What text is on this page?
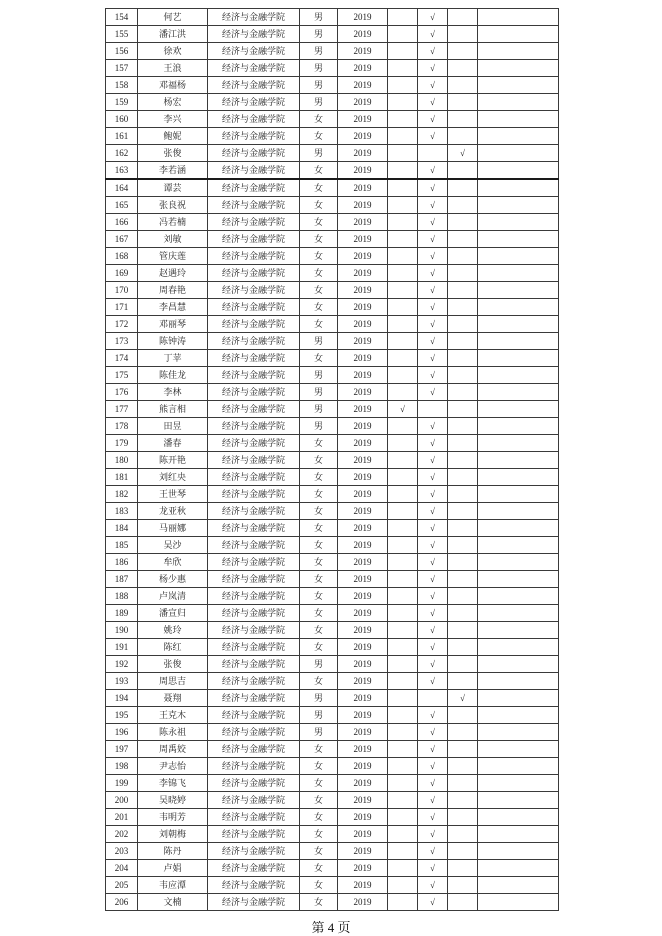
154	何艺	经济与金融学院	男	2019		√		
155	潘江洪	经济与金融学院	男	2019		√		
156	徐欢	经济与金融学院	男	2019		√		
157	王浪	经济与金融学院	男	2019		√		
158	邓福杨	经济与金融学院	男	2019		√		
159	杨宏	经济与金融学院	男	2019		√		
160	李兴	经济与金融学院	女	2019		√		
161	鲍妮	经济与金融学院	女	2019		√		
162	张俊	经济与金融学院	男	2019			√	
163	李若涵	经济与金融学院	女	2019		√		
164	谭芸	经济与金融学院	女	2019		√		
165	张良祝	经济与金融学院	女	2019		√		
166	冯若楠	经济与金融学院	女	2019		√		
167	刘敏	经济与金融学院	女	2019		√		
168	管庆莲	经济与金融学院	女	2019		√		
169	赵遇玲	经济与金融学院	女	2019		√		
170	周春艳	经济与金融学院	女	2019		√		
171	李昌慧	经济与金融学院	女	2019		√		
172	邓丽琴	经济与金融学院	女	2019		√		
173	陈钟涛	经济与金融学院	男	2019		√		
174	丁苹	经济与金融学院	女	2019		√		
175	陈佳龙	经济与金融学院	男	2019		√		
176	李林	经济与金融学院	男	2019		√		
177	熊言相	经济与金融学院	男	2019	√			
178	田昱	经济与金融学院	男	2019		√		
179	潘春	经济与金融学院	女	2019		√		
180	陈开艳	经济与金融学院	女	2019		√		
181	刘红央	经济与金融学院	女	2019		√		
182	王世琴	经济与金融学院	女	2019		√		
183	龙亚秋	经济与金融学院	女	2019		√		
184	马丽娜	经济与金融学院	女	2019		√		
185	吴沙	经济与金融学院	女	2019		√		
186	牟欣	经济与金融学院	女	2019		√		
187	杨少惠	经济与金融学院	女	2019		√		
188	卢岚清	经济与金融学院	女	2019		√		
189	潘宣归	经济与金融学院	女	2019		√		
190	姚玲	经济与金融学院	女	2019		√		
191	陈红	经济与金融学院	女	2019		√		
192	张俊	经济与金融学院	男	2019		√		
193	周思吉	经济与金融学院	女	2019		√		
194	聂翔	经济与金融学院	男	2019			√	
195	王克木	经济与金融学院	男	2019		√		
196	陈永祖	经济与金融学院	男	2019		√		
197	周禹姣	经济与金融学院	女	2019		√		
198	尹志怡	经济与金融学院	女	2019		√		
199	李锦飞	经济与金融学院	女	2019		√		
200	吴晓婷	经济与金融学院	女	2019		√		
201	韦明芳	经济与金融学院	女	2019		√		
202	刘朝梅	经济与金融学院	女	2019		√		
203	陈丹	经济与金融学院	女	2019		√		
204	卢娟	经济与金融学院	女	2019		√		
205	韦应潭	经济与金融学院	女	2019		√		
206	文楠	经济与金融学院	女	2019		√		
第 4 页
